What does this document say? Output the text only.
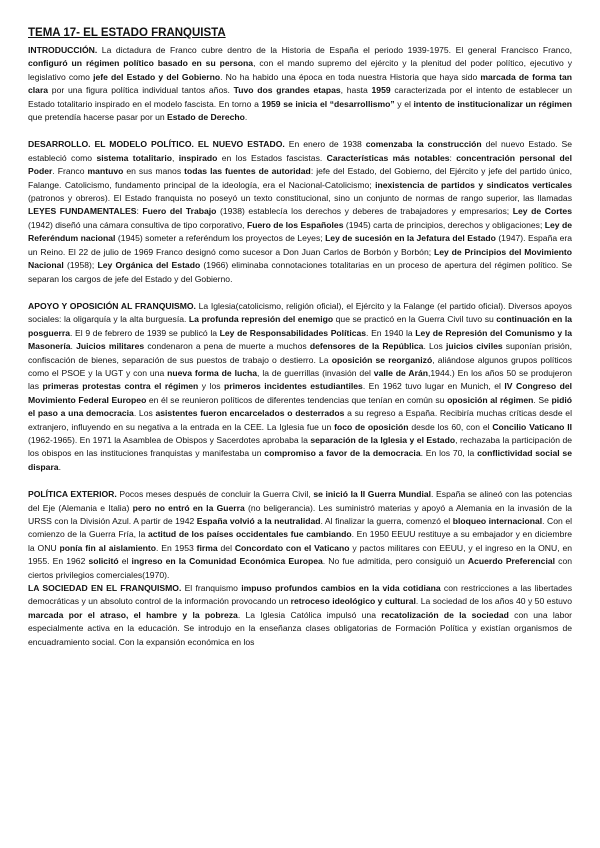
TEMA 17- EL ESTADO FRANQUISTA

INTRODUCCIÓN. La dictadura de Franco cubre dentro de la Historia de España el periodo 1939-1975. El general Francisco Franco, configuró un régimen político basado en su persona, con el mando supremo del ejército y la plenitud del poder político, ejecutivo y legislativo como jefe del Estado y del Gobierno. No ha habido una época en toda nuestra Historia que haya sido marcada de forma tan clara por una figura política individual tantos años. Tuvo dos grandes etapas, hasta 1959 caracterizada por el intento de establecer un Estado totalitario inspirado en el modelo fascista. En torno a 1959 se inicia el “desarrollismo” y el intento de institucionalizar un régimen que pretendía hacerse pasar por un Estado de Derecho.

DESARROLLO. EL MODELO POLÍTICO. EL NUEVO ESTADO. En enero de 1938 comenzaba la construcción del nuevo Estado. Se estableció como sistema totalitario, inspirado en los Estados fascistas. Características más notables: concentración personal del Poder. Franco mantuvo en sus manos todas las fuentes de autoridad: jefe del Estado, del Gobierno, del Ejército y jefe del partido único, Falange. Catolicismo, fundamento principal de la ideología, era el Nacional-Catolicismo; inexistencia de partidos y sindicatos verticales (patronos y obreros). El Estado franquista no poseyó un texto constitucional, sino un conjunto de normas de rango superior, las llamadas LEYES FUNDAMENTALES: Fuero del Trabajo (1938) establecía los derechos y deberes de trabajadores y empresarios; Ley de Cortes (1942) diseñó una cámara consultiva de tipo corporativo, Fuero de los Españoles (1945) carta de principios, derechos y obligaciones; Ley de Referéndum nacional (1945) someter a referéndum los proyectos de Leyes; Ley de sucesión en la Jefatura del Estado (1947). España era un Reino. El 22 de julio de 1969 Franco designó como sucesor a Don Juan Carlos de Borbón y Borbón; Ley de Principios del Movimiento Nacional (1958); Ley Orgánica del Estado (1966) eliminaba connotaciones totalitarias en un proceso de apertura del régimen político. Se separan los cargos de jefe del Estado y del Gobierno.

APOYO Y OPOSICIÓN AL FRANQUISMO. La Iglesia(catolicismo, religión oficial), el Ejército y la Falange (el partido oficial). Diversos apoyos sociales: la oligarquía y la alta burguesía. La profunda represión del enemigo que se practicó en la Guerra Civil tuvo su continuación en la posguerra. El 9 de febrero de 1939 se publicó la Ley de Responsabilidades Políticas. En 1940 la Ley de Represión del Comunismo y la Masonería. Juicios militares condenaron a pena de muerte a muchos defensores de la República. Los juicios civiles suponían prisión, confiscación de bienes, separación de sus puestos de trabajo o destierro. La oposición se reorganizó, aliándose algunos grupos políticos como el PSOE y la UGT y con una nueva forma de lucha, la de guerrillas (invasión del valle de Arán,1944.) En los años 50 se produjeron las primeras protestas contra el régimen y los primeros incidentes estudiantiles. En 1962 tuvo lugar en Munich, el IV Congreso del Movimiento Federal Europeo en él se reunieron políticos de diferentes tendencias que tenían en común su oposición al régimen. Se pidió el paso a una democracia. Los asistentes fueron encarcelados o desterrados a su regreso a España. Recibiría muchas críticas desde el extranjero, influyendo en su negativa a la entrada en la CEE. La Iglesia fue un foco de oposición desde los 60, con el Concilio Vaticano II (1962-1965). En 1971 la Asamblea de Obispos y Sacerdotes aprobaba la separación de la Iglesia y el Estado, rechazaba la participación de los obispos en las instituciones franquistas y manifestaba un compromiso a favor de la democracia. En los 70, la conflictividad social se dispara.

POLÍTICA EXTERIOR. Pocos meses después de concluir la Guerra Civil, se inició la II Guerra Mundial. España se alineó con las potencias del Eje (Alemania e Italia) pero no entró en la Guerra (no beligerancia). Les suministró materias y apoyó a Alemania en la invasión de la URSS con la División Azul. A partir de 1942 España volvió a la neutralidad. Al finalizar la guerra, comenzó el bloqueo internacional. Con el comienzo de la Guerra Fría, la actitud de los países occidentales fue cambiando. En 1950 EEUU restituye a su embajador y en diciembre la ONU ponía fin al aislamiento. En 1953 firma del Concordato con el Vaticano y pactos militares con EEUU, y el ingreso en la ONU, en 1955. En 1962 solicitó el ingreso en la Comunidad Económica Europea. No fue admitida, pero consiguió un Acuerdo Preferencial con ciertos privilegios comerciales(1970).

LA SOCIEDAD EN EL FRANQUISMO. El franquismo impuso profundos cambios en la vida cotidiana con restricciones a las libertades democráticas y un absoluto control de la información provocando un retroceso ideológico y cultural. La sociedad de los años 40 y 50 estuvo marcada por el atraso, el hambre y la pobreza. La Iglesia Católica impulsó una recatolización de la sociedad con una labor especialmente activa en la educación. Se introdujo en la enseñanza clases obligatorias de Formación Política y existían organismos de encuadramiento social. Con la expansión económica en los
